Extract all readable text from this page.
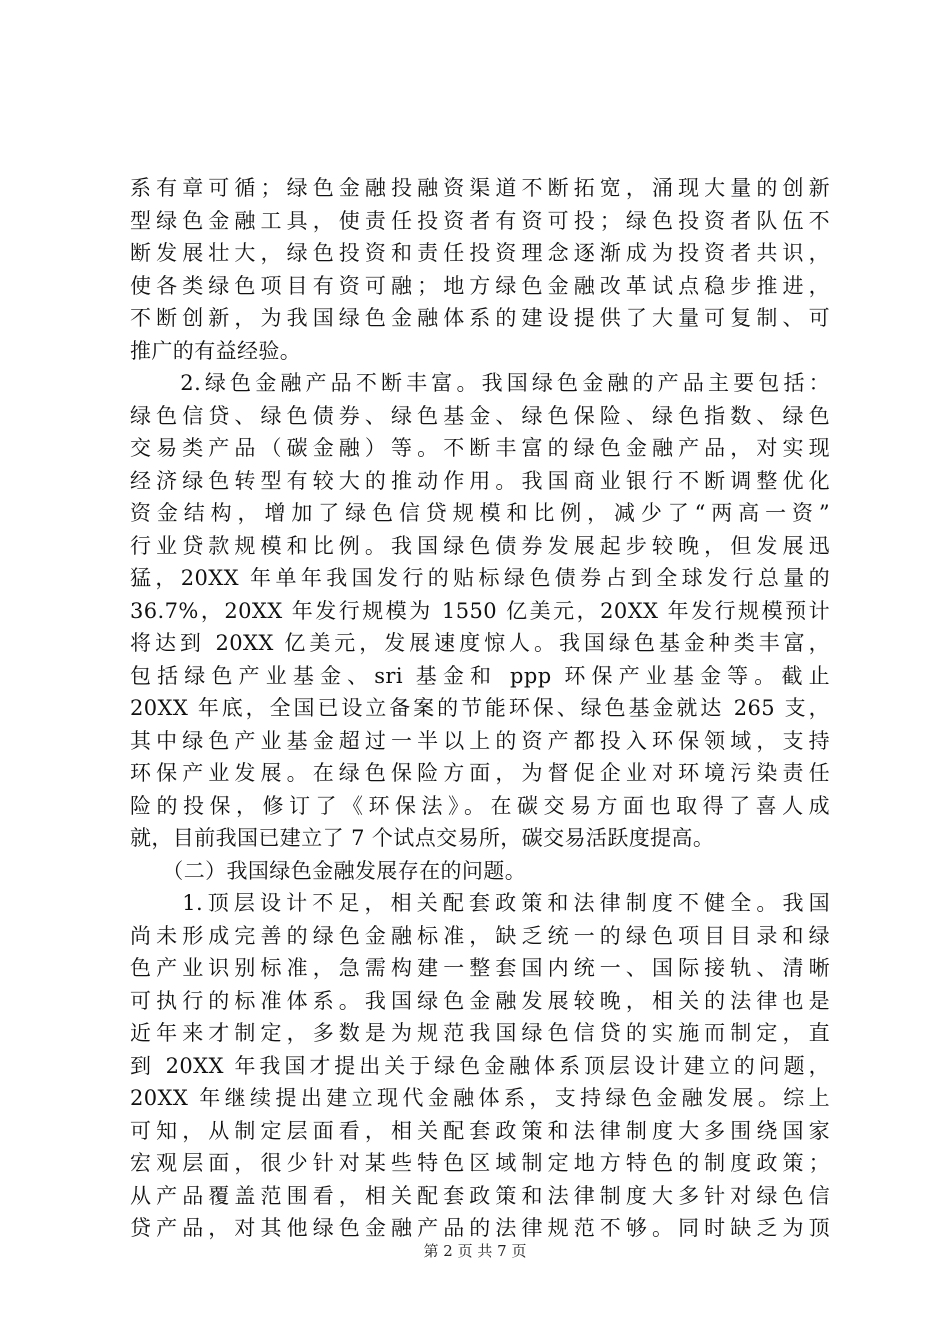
系有章可循；绿色金融投融资渠道不断拓宽，涌现大量的创新
型绿色金融工具，使责任投资者有资可投；绿色投资者队伍不
断发展壮大，绿色投资和责任投资理念逐渐成为投资者共识，
使各类绿色项目有资可融；地方绿色金融改革试点稳步推进，
不断创新，为我国绿色金融体系的建设提供了大量可复制、可
推广的有益经验。
　　2.绿色金融产品不断丰富。我国绿色金融的产品主要包括：
绿色信贷、绿色债券、绿色基金、绿色保险、绿色指数、绿色
交易类产品（碳金融）等。不断丰富的绿色金融产品，对实现
经济绿色转型有较大的推动作用。我国商业银行不断调整优化
资金结构，增加了绿色信贷规模和比例，减少了“两高一资”
行业贷款规模和比例。我国绿色债券发展起步较晚，但发展迅
猛，20XX 年单年我国发行的贴标绿色债券占到全球发行总量的
36.7%，20XX 年发行规模为 1550 亿美元，20XX 年发行规模预计
将达到 20XX 亿美元，发展速度惊人。我国绿色基金种类丰富，
包括绿色产业基金、sri 基金和 ppp 环保产业基金等。截止
20XX 年底，全国已设立备案的节能环保、绿色基金就达 265 支，
其中绿色产业基金超过一半以上的资产都投入环保领域，支持
环保产业发展。在绿色保险方面，为督促企业对环境污染责任
险的投保，修订了《环保法》。在碳交易方面也取得了喜人成
就，目前我国已建立了 7 个试点交易所，碳交易活跃度提高。
　　（二）我国绿色金融发展存在的问题。
　　1.顶层设计不足，相关配套政策和法律制度不健全。我国
尚未形成完善的绿色金融标准，缺乏统一的绿色项目目录和绿
色产业识别标准，急需构建一整套国内统一、国际接轨、清晰
可执行的标准体系。我国绿色金融发展较晚，相关的法律也是
近年来才制定，多数是为规范我国绿色信贷的实施而制定，直
到 20XX 年我国才提出关于绿色金融体系顶层设计建立的问题，
20XX 年继续提出建立现代金融体系，支持绿色金融发展。综上
可知，从制定层面看，相关配套政策和法律制度大多围绕国家
宏观层面，很少针对某些特色区域制定地方特色的制度政策；
从产品覆盖范围看，相关配套政策和法律制度大多针对绿色信
贷产品，对其他绿色金融产品的法律规范不够。同时缺乏为顶
第 2 页 共 7 页
